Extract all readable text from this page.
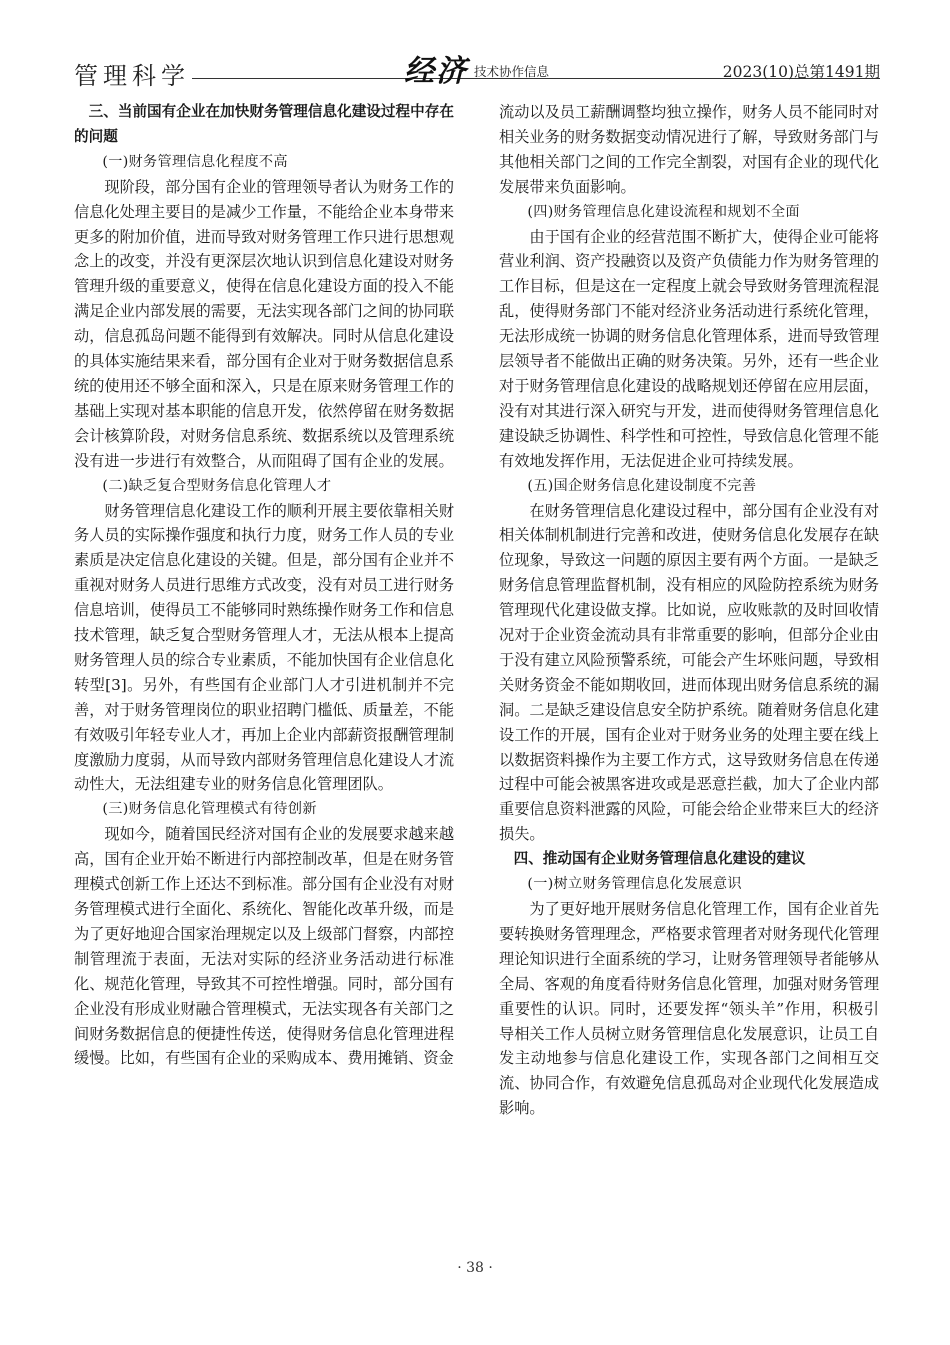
管理科学	经济 技术协作信息	2023(10)总第1491期

三、当前国有企业在加快财务管理信息化建设过程中存在的问题

(一)财务管理信息化程度不高

现阶段，部分国有企业的管理领导者认为财务工作的信息化处理主要目的是减少工作量，不能给企业本身带来更多的附加价值，进而导致对财务管理工作只进行思想观念上的改变，并没有更深层次地认识到信息化建设对财务管理升级的重要意义，使得在信息化建设方面的投入不能满足企业内部发展的需要，无法实现各部门之间的协同联动，信息孤岛问题不能得到有效解决。同时从信息化建设的具体实施结果来看，部分国有企业对于财务数据信息系统的使用还不够全面和深入，只是在原来财务管理工作的基础上实现对基本职能的信息开发，依然停留在财务数据会计核算阶段，对财务信息系统、数据系统以及管理系统没有进一步进行有效整合，从而阻碍了国有企业的发展。

(二)缺乏复合型财务信息化管理人才

财务管理信息化建设工作的顺利开展主要依靠相关财务人员的实际操作强度和执行力度，财务工作人员的专业素质是决定信息化建设的关键。但是，部分国有企业并不重视对财务人员进行思维方式改变，没有对员工进行财务信息培训，使得员工不能够同时熟练操作财务工作和信息技术管理，缺乏复合型财务管理人才，无法从根本上提高财务管理人员的综合专业素质，不能加快国有企业信息化转型[3]。另外，有些国有企业部门人才引进机制并不完善，对于财务管理岗位的职业招聘门槛低、质量差，不能有效吸引年轻专业人才，再加上企业内部薪资报酬管理制度激励力度弱，从而导致内部财务管理信息化建设人才流动性大，无法组建专业的财务信息化管理团队。

(三)财务信息化管理模式有待创新

现如今，随着国民经济对国有企业的发展要求越来越高，国有企业开始不断进行内部控制改革，但是在财务管理模式创新工作上还达不到标准。部分国有企业没有对财务管理模式进行全面化、系统化、智能化改革升级，而是为了更好地迎合国家治理规定以及上级部门督察，内部控制管理流于表面，无法对实际的经济业务活动进行标准化、规范化管理，导致其不可控性增强。同时，部分国有企业没有形成业财融合管理模式，无法实现各有关部门之间财务数据信息的便捷性传送，使得财务信息化管理进程缓慢。比如，有些国有企业的采购成本、费用摊销、资金

流动以及员工薪酬调整均独立操作，财务人员不能同时对相关业务的财务数据变动情况进行了解，导致财务部门与其他相关部门之间的工作完全割裂，对国有企业的现代化发展带来负面影响。

(四)财务管理信息化建设流程和规划不全面

由于国有企业的经营范围不断扩大，使得企业可能将营业利润、资产投融资以及资产负债能力作为财务管理的工作目标，但是这在一定程度上就会导致财务管理流程混乱，使得财务部门不能对经济业务活动进行系统化管理，无法形成统一协调的财务信息化管理体系，进而导致管理层领导者不能做出正确的财务决策。另外，还有一些企业对于财务管理信息化建设的战略规划还停留在应用层面，没有对其进行深入研究与开发，进而使得财务管理信息化建设缺乏协调性、科学性和可控性，导致信息化管理不能有效地发挥作用，无法促进企业可持续发展。

(五)国企财务信息化建设制度不完善

在财务管理信息化建设过程中，部分国有企业没有对相关体制机制进行完善和改进，使财务信息化发展存在缺位现象，导致这一问题的原因主要有两个方面。一是缺乏财务信息管理监督机制，没有相应的风险防控系统为财务管理现代化建设做支撑。比如说，应收账款的及时回收情况对于企业资金流动具有非常重要的影响，但部分企业由于没有建立风险预警系统，可能会产生坏账问题，导致相关财务资金不能如期收回，进而体现出财务信息系统的漏洞。二是缺乏建设信息安全防护系统。随着财务信息化建设工作的开展，国有企业对于财务业务的处理主要在线上以数据资料操作为主要工作方式，这导致财务信息在传递过程中可能会被黑客进攻或是恶意拦截，加大了企业内部重要信息资料泄露的风险，可能会给企业带来巨大的经济损失。

四、推动国有企业财务管理信息化建设的建议

(一)树立财务管理信息化发展意识

为了更好地开展财务信息化管理工作，国有企业首先要转换财务管理理念，严格要求管理者对财务现代化管理理论知识进行全面系统的学习，让财务管理领导者能够从全局、客观的角度看待财务信息化管理，加强对财务管理重要性的认识。同时，还要发挥“领头羊”作用，积极引导相关工作人员树立财务管理信息化发展意识，让员工自发主动地参与信息化建设工作，实现各部门之间相互交流、协同合作，有效避免信息孤岛对企业现代化发展造成影响。

· 38 ·
